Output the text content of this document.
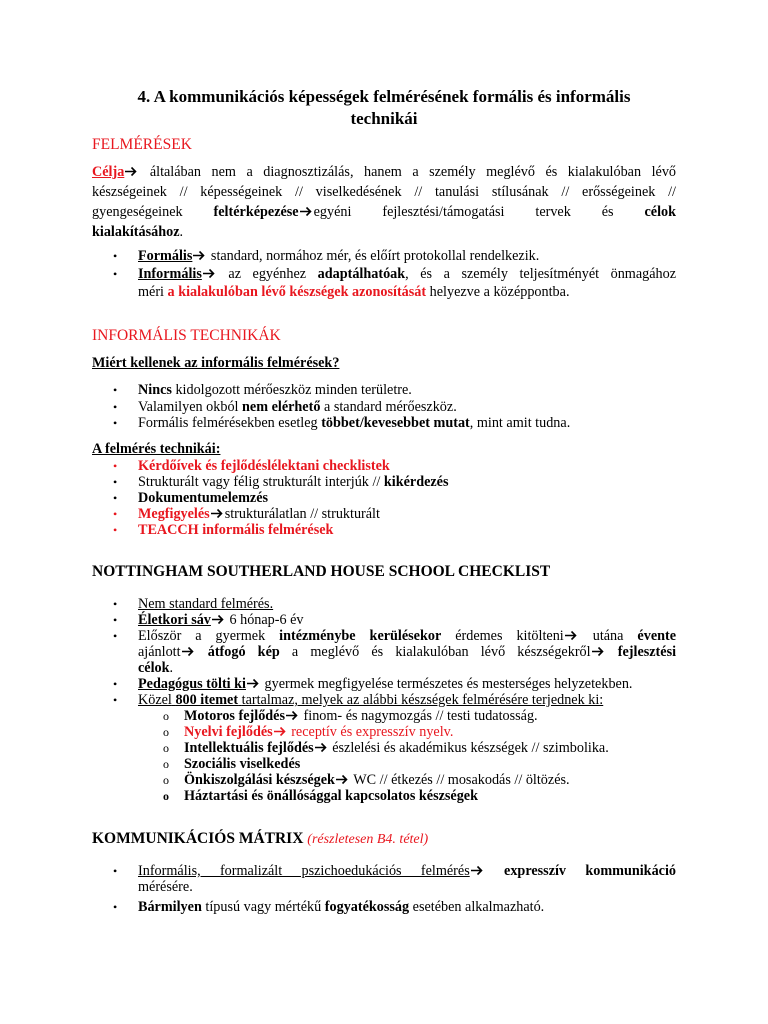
4. A kommunikációs képességek felmérésének formális és informális
technikái
FELMÉRÉSEK
Célja általában nem a diagnosztizálás, hanem a személy meglévő és kialakulóban lévő
készségeinek // képességeinek // viselkedésének // tanulási stílusának // erősségeinek //
gyengeségeinek feltérképezése egyéni fejlesztési/támogatási tervek és célok
kialakításához.
• Formális standard, normához mér, és előírt protokollal rendelkezik.
• Informális az egyénhez adaptálhatóak, és a személy teljesítményét önmagához
méri a kialakulóban lévő készségek azonosítását helyezve a középpontba.
INFORMÁLIS TECHNIKÁK
Miért kellenek az informális felmérések?
• Nincs kidolgozott mérőeszköz minden területre.
• Valamilyen okból nem elérhető a standard mérőeszköz.
• Formális felmérésekben esetleg többet/kevesebbet mutat, mint amit tudna.
A felmérés technikái:
• Kérdőívek és fejlődéslélektani checklistek
• Strukturált vagy félig strukturált interjúk // kikérdezés
• Dokumentumelemzés
• Megfigyelés strukturálatlan // strukturált
• TEACCH informális felmérések
NOTTINGHAM SOUTHERLAND HOUSE SCHOOL CHECKLIST
• Nem standard felmérés.
• Életkori sáv 6 hónap-6 év
• Először a gyermek intézménybe kerülésekor érdemes kitölteni utána évente
ajánlott átfogó kép a meglévő és kialakulóban lévő készségekről fejlesztési
célok.
• Pedagógus tölti ki gyermek megfigyelése természetes és mesterséges helyzetekben.
• Közel 800 itemet tartalmaz, melyek az alábbi készségek felmérésére terjednek ki:
o Motoros fejlődés finom- és nagymozgás // testi tudatosság.
o Nyelvi fejlődés receptív és expresszív nyelv.
o Intellektuális fejlődés észlelési és akadémikus készségek // szimbolika.
o Szociális viselkedés
o Önkiszolgálási készségek WC // étkezés // mosakodás // öltözés.
o Háztartási és önállósággal kapcsolatos készségek
KOMMUNIKÁCIÓS MÁTRIX (részletesen B4. tétel)
• Informális, formalizált pszichoedukációs felmérés expresszív kommunikáció
mérésére.
• Bármilyen típusú vagy mértékű fogyatékosság esetében alkalmazható.
